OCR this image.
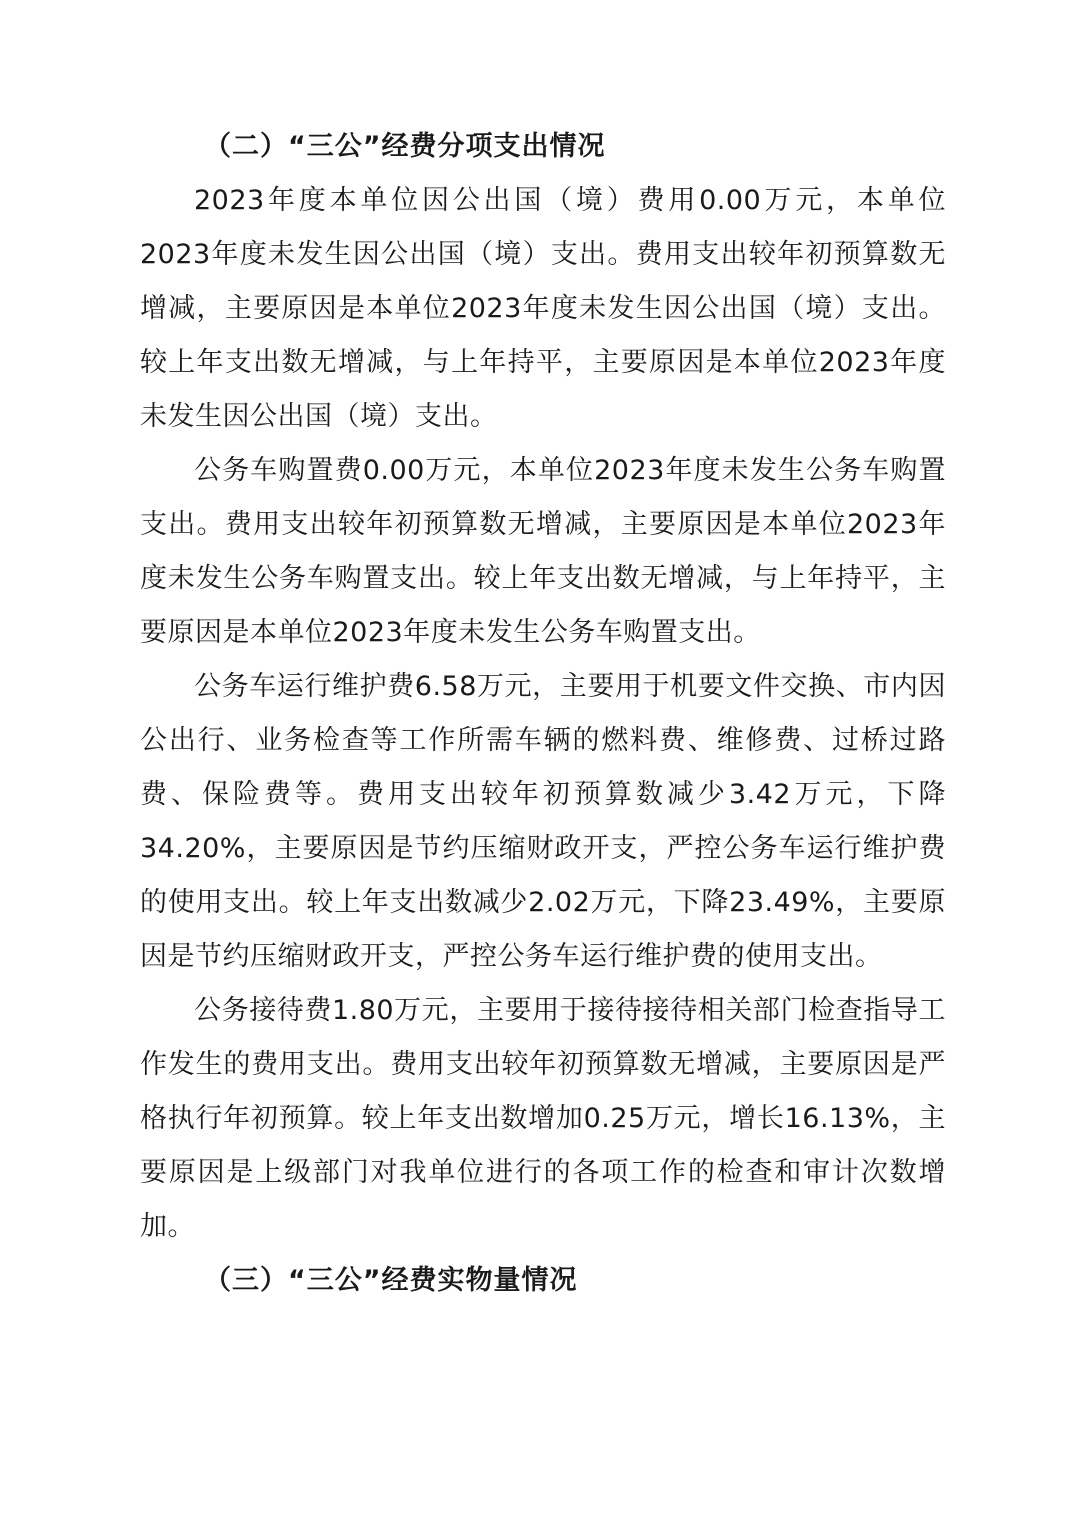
（二）“三公”经费分项支出情况

2023年度本单位因公出国（境）费用0.00万元，本单位2023年度未发生因公出国（境）支出。费用支出较年初预算数无增减，主要原因是本单位2023年度未发生因公出国（境）支出。较上年支出数无增减，与上年持平，主要原因是本单位2023年度未发生因公出国（境）支出。

公务车购置费0.00万元，本单位2023年度未发生公务车购置支出。费用支出较年初预算数无增减，主要原因是本单位2023年度未发生公务车购置支出。较上年支出数无增减，与上年持平，主要原因是本单位2023年度未发生公务车购置支出。

公务车运行维护费6.58万元，主要用于机要文件交换、市内因公出行、业务检查等工作所需车辆的燃料费、维修费、过桥过路费、保险费等。费用支出较年初预算数减少3.42万元，下降34.20%，主要原因是节约压缩财政开支，严控公务车运行维护费的使用支出。较上年支出数减少2.02万元，下降23.49%，主要原因是节约压缩财政开支，严控公务车运行维护费的使用支出。

公务接待费1.80万元，主要用于接待接待相关部门检查指导工作发生的费用支出。费用支出较年初预算数无增减，主要原因是严格执行年初预算。较上年支出数增加0.25万元，增长16.13%，主要原因是上级部门对我单位进行的各项工作的检查和审计次数增加。

（三）“三公”经费实物量情况
